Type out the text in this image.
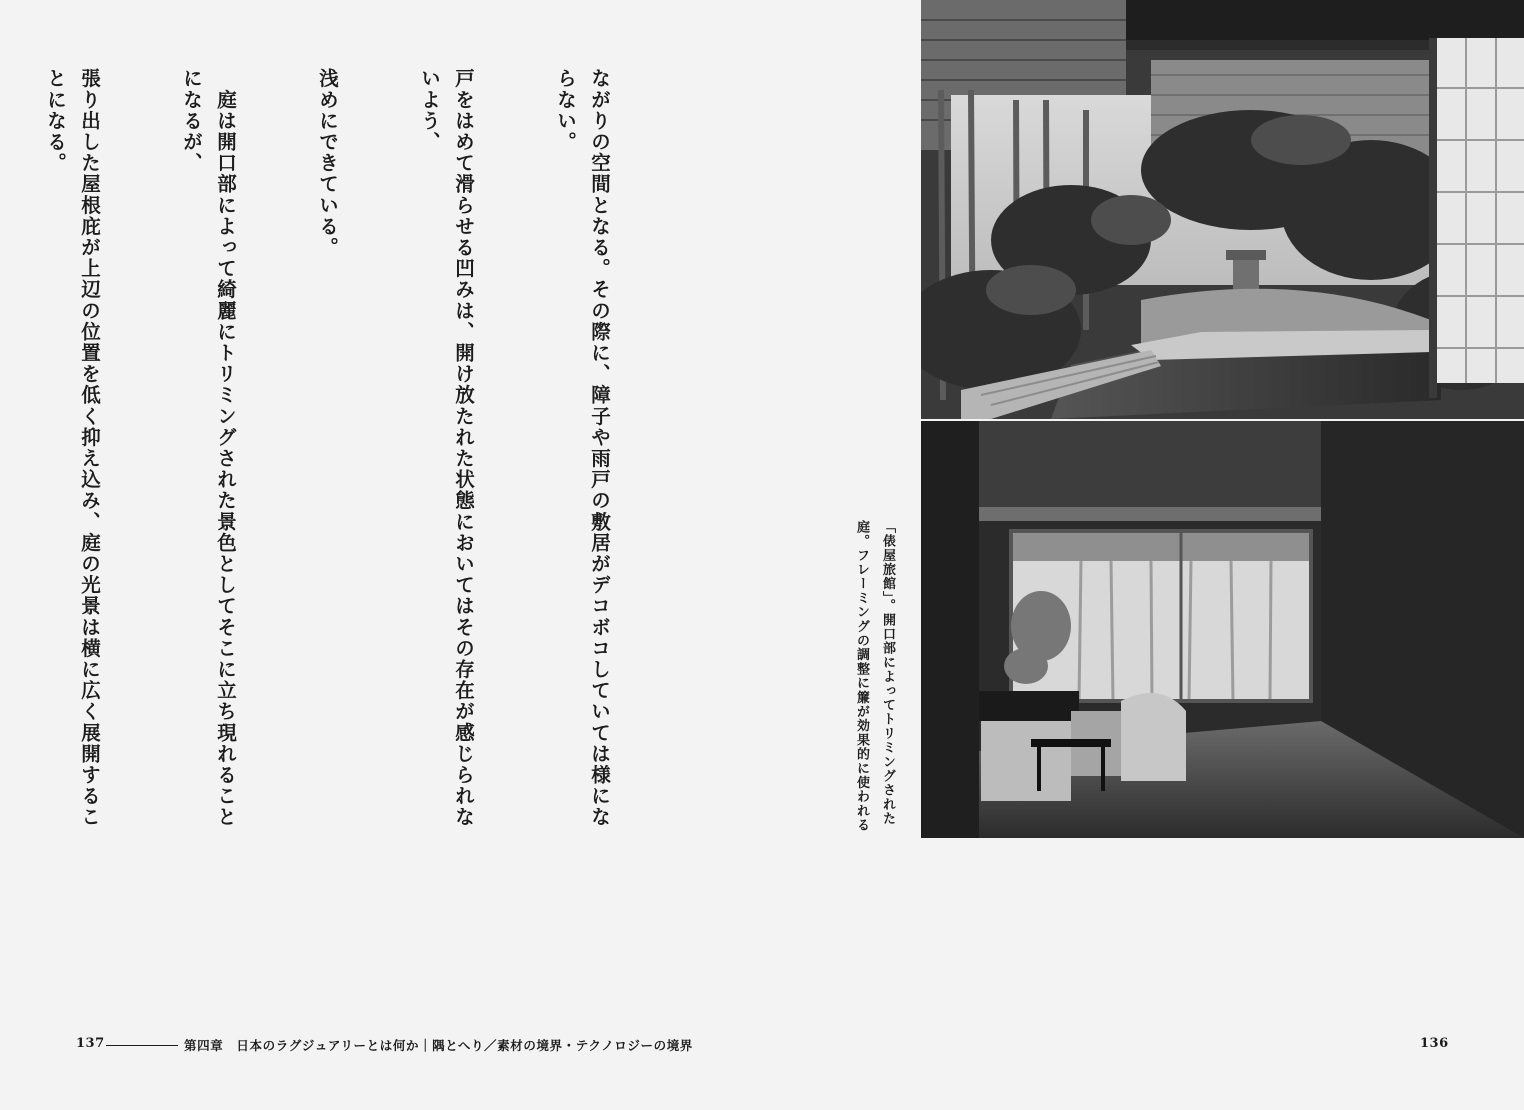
ながりの空間となる。その際に、障子や雨戸の敷居がデコボコしていては様にならない。

戸をはめて滑らせる凹みは、開け放たれた状態においてはその存在が感じられないよう、

浅めにできている。

　庭は開口部によって綺麗にトリミングされた景色としてそこに立ち現れることになるが、

張り出した屋根庇が上辺の位置を低く抑え込み、庭の光景は横に広く展開することになる。

137	第四章　日本のラグジュアリーとは何か｜隅とへり／素材の境界・テクノロジーの境界	136
「俵屋旅館」。開口部によってトリミングされた
庭。フレーミングの調整に簾が効果的に使われる
